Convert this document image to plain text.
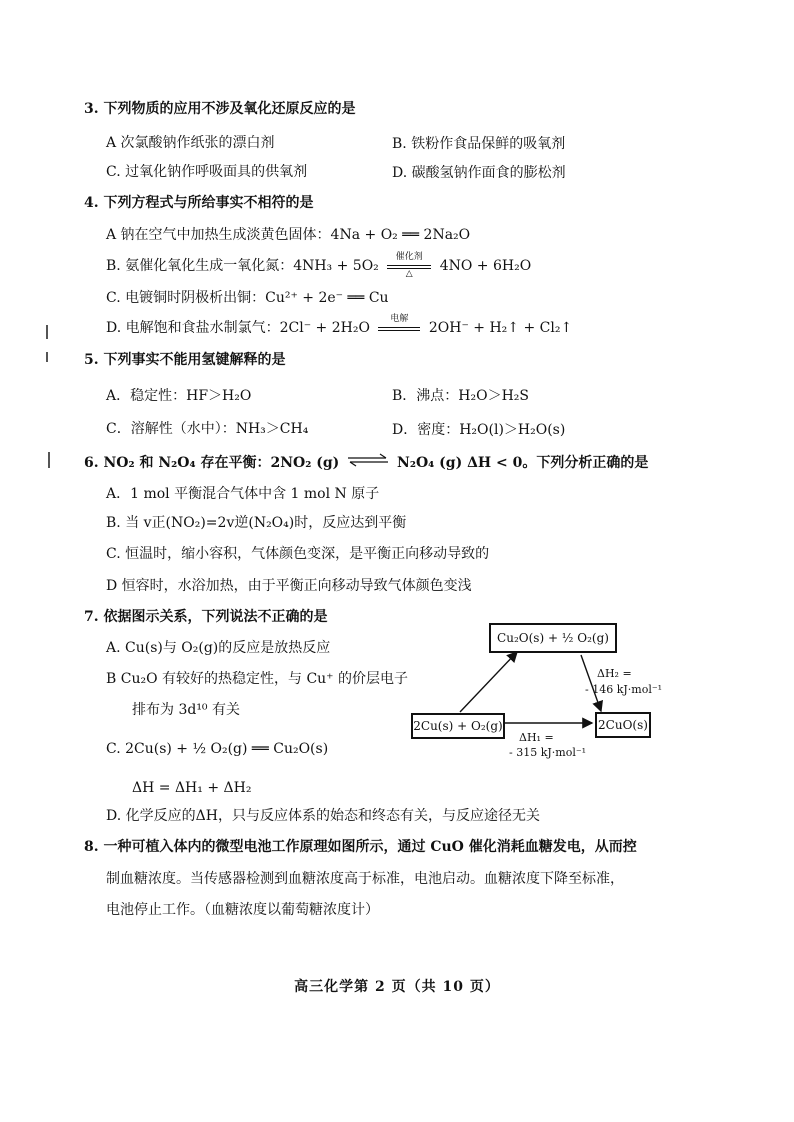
3. 下列物质的应用不涉及氧化还原反应的是
A 次氯酸钠作纸张的漂白剂	B. 铁粉作食品保鲜的吸氧剂
C. 过氧化钠作呼吸面具的供氧剂	D. 碳酸氢钠作面食的膨松剂
4. 下列方程式与所给事实不相符的是
A 钠在空气中加热生成淡黄色固体：4Na + O₂ ══ 2Na₂O
B. 氨催化氧化生成一氧化氮：4NH₃ + 5O₂
催化剂
△	4NO + 6H₂O
C. 电镀铜时阴极析出铜：Cu²⁺ + 2e⁻ ══ Cu
D. 电解饱和食盐水制氯气：2Cl⁻ + 2H₂O
电解
2OH⁻ + H₂↑ + Cl₂↑
5. 下列事实不能用氢键解释的是
A．稳定性：HF＞H₂O	B．沸点：H₂O＞H₂S
C．溶解性（水中）：NH₃＞CH₄	D．密度：H₂O(l)＞H₂O(s)
6. NO₂ 和 N₂O₄ 存在平衡：2NO₂ (g) ⇌ N₂O₄ (g) ΔH < 0。下列分析正确的是
A．1 mol 平衡混合气体中含 1 mol N 原子
B. 当 v正(NO₂)=2v逆(N₂O₄)时，反应达到平衡
C. 恒温时，缩小容积，气体颜色变深，是平衡正向移动导致的
D 恒容时，水浴加热，由于平衡正向移动导致气体颜色变浅
7. 依据图示关系，下列说法不正确的是
A. Cu(s)与 O₂(g)的反应是放热反应
B Cu₂O 有较好的热稳定性，与 Cu⁺ 的价层电子
排布为 3d¹⁰ 有关
C. 2Cu(s) + ½ O₂(g) ══ Cu₂O(s)
ΔH = ΔH₁ + ΔH₂
D. 化学反应的ΔH，只与反应体系的始态和终态有关，与反应途径无关
Cu₂O(s) + ½ O₂(g)
2Cu(s) + O₂(g)	2CuO(s)
ΔH₂ =
- 146 kJ·mol⁻¹
ΔH₁ =
- 315 kJ·mol⁻¹
8. 一种可植入体内的微型电池工作原理如图所示，通过 CuO 催化消耗血糖发电，从而控
制血糖浓度。当传感器检测到血糖浓度高于标准，电池启动。血糖浓度下降至标准，
电池停止工作。（血糖浓度以葡萄糖浓度计）
高三化学第 2 页（共 10 页）
